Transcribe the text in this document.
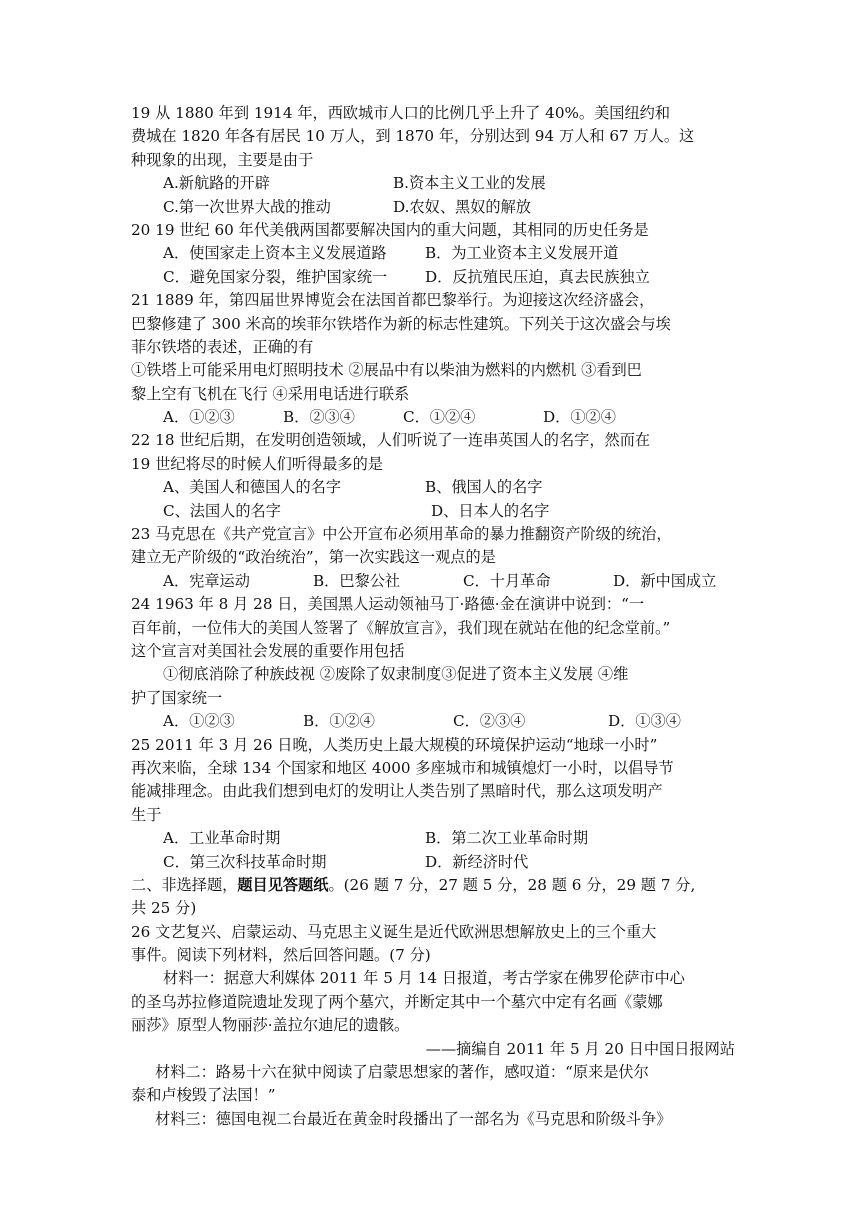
19 从 1880 年到 1914 年，西欧城市人口的比例几乎上升了 40%。美国纽约和
费城在 1820 年各有居民 10 万人，到 1870 年，分别达到 94 万人和 67 万人。这
种现象的出现，主要是由于
A.新航路的开辟	B.资本主义工业的发展
C.第一次世界大战的推动	D.农奴、黑奴的解放
20 19 世纪 60 年代美俄两国都要解决国内的重大问题，其相同的历史任务是
A．使国家走上资本主义发展道路	B．为工业资本主义发展开道
C．避免国家分裂，维护国家统一	D．反抗殖民压迫，真去民族独立
21 1889 年，第四届世界博览会在法国首都巴黎举行。为迎接这次经济盛会，
巴黎修建了 300 米高的埃菲尔铁塔作为新的标志性建筑。下列关于这次盛会与埃
菲尔铁塔的表述，正确的有
①铁塔上可能采用电灯照明技术 ②展品中有以柴油为燃料的内燃机 ③看到巴
黎上空有飞机在飞行 ④采用电话进行联系
A．①②③	B．②③④	C．①②④	D．①②④
22 18 世纪后期，在发明创造领域，人们听说了一连串英国人的名字，然而在
19 世纪将尽的时候人们听得最多的是
A、美国人和德国人的名字	B、俄国人的名字
C、法国人的名字	D、日本人的名字
23 马克思在《共产党宣言》中公开宣布必须用革命的暴力推翻资产阶级的统治，
建立无产阶级的“政治统治”，第一次实践这一观点的是
A．宪章运动	B．巴黎公社	C．十月革命	D．新中国成立
24 1963 年 8 月 28 日，美国黑人运动领袖马丁·路德·金在演讲中说到：“一
百年前，一位伟大的美国人签署了《解放宣言》，我们现在就站在他的纪念堂前。”
这个宣言对美国社会发展的重要作用包括
①彻底消除了种族歧视 ②废除了奴隶制度③促进了资本主义发展 ④维
护了国家统一
A．①②③	B．①②④	C．②③④	D．①③④
25 2011 年 3 月 26 日晚，人类历史上最大规模的环境保护运动“地球一小时”
再次来临，全球 134 个国家和地区 4000 多座城市和城镇熄灯一小时，以倡导节
能减排理念。由此我们想到电灯的发明让人类告别了黑暗时代，那么这项发明产
生于
A．工业革命时期	B．第二次工业革命时期
C．第三次科技革命时期	D．新经济时代
二、非选择题，题目见答题纸。(26 题 7 分，27 题 5 分，28 题 6 分，29 题 7 分,
共 25 分)
26 文艺复兴、启蒙运动、马克思主义诞生是近代欧洲思想解放史上的三个重大
事件。阅读下列材料，然后回答问题。(7 分)
材料一：据意大利媒体 2011 年 5 月 14 日报道，考古学家在佛罗伦萨市中心
的圣乌苏拉修道院遗址发现了两个墓穴，并断定其中一个墓穴中定有名画《蒙娜
丽莎》原型人物丽莎·盖拉尔迪尼的遗骸。
——摘编自 2011 年 5 月 20 日中国日报网站
材料二：路易十六在狱中阅读了启蒙思想家的著作，感叹道：“原来是伏尔
泰和卢梭毁了法国！”
材料三：德国电视二台最近在黄金时段播出了一部名为《马克思和阶级斗争》
